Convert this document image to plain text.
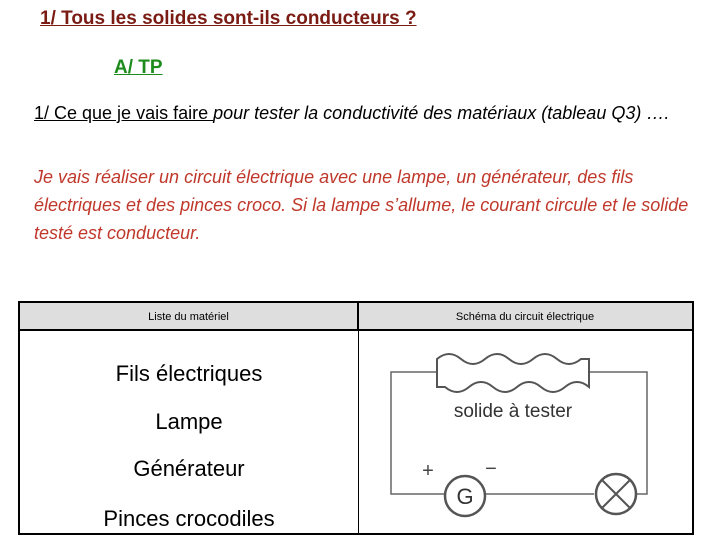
1/ Tous les solides sont-ils conducteurs ?
A/ TP
1/ Ce que je vais faire pour tester la conductivité des matériaux (tableau Q3) ….
Je vais réaliser un circuit électrique avec une lampe, un générateur, des fils électriques et des pinces croco. Si la lampe s’allume, le courant circule et le solide testé est conducteur.
Liste du matériel	Schéma du circuit électrique
Fils électriques
Lampe
Générateur
Pinces crocodiles
solide à tester
+	−
G
